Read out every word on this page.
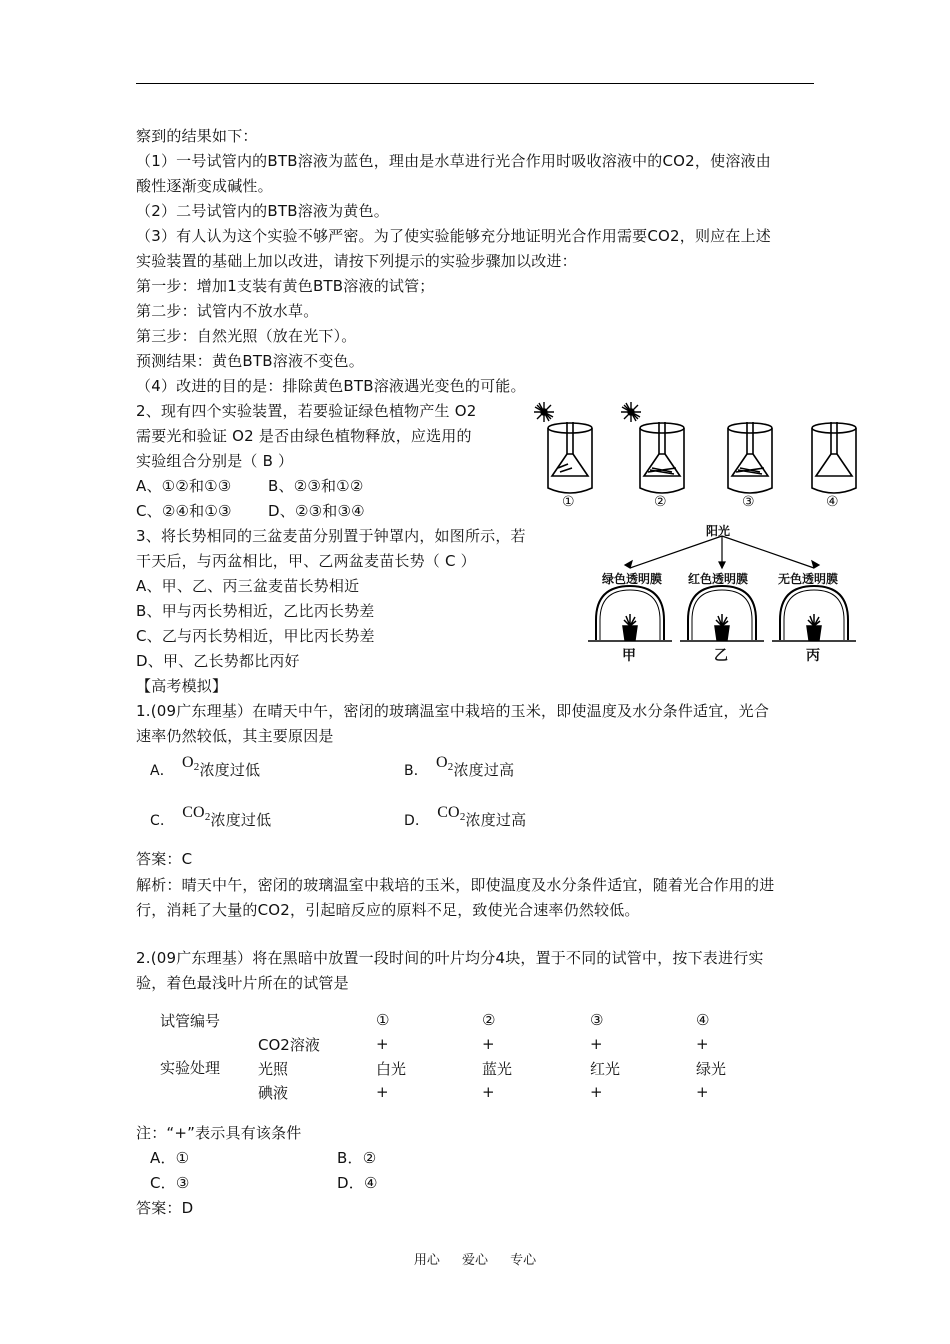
察到的结果如下：
（1）一号试管内的BTB溶液为蓝色，理由是水草进行光合作用时吸收溶液中的CO2，使溶液由
酸性逐渐变成碱性。
（2）二号试管内的BTB溶液为黄色。
（3）有人认为这个实验不够严密。为了使实验能够充分地证明光合作用需要CO2，则应在上述
实验装置的基础上加以改进，请按下列提示的实验步骤加以改进：
第一步：增加1支装有黄色BTB溶液的试管；
第二步：试管内不放水草。
第三步：自然光照（放在光下）。
预测结果：黄色BTB溶液不变色。
（4）改进的目的是：排除黄色BTB溶液遇光变色的可能。
2、现有四个实验装置，若要验证绿色植物产生 O2
需要光和验证 O2 是否由绿色植物释放，应选用的
实验组合分别是（ B ）
A、①②和①③ B、②③和①②
C、②④和①③ D、②③和③④	①	②	③	④
3、将长势相同的三盆麦苗分别置于钟罩内，如图所示，若
干天后，与丙盆相比，甲、乙两盆麦苗长势（ C ）
A、甲、乙、丙三盆麦苗长势相近
B、甲与丙长势相近，乙比丙长势差
C、乙与丙长势相近，甲比丙长势差
D、甲、乙长势都比丙好
阳光
绿色透明膜 红色透明膜 无色透明膜
甲	乙	丙
【高考模拟】
1.(09广东理基）在晴天中午，密闭的玻璃温室中栽培的玉米，即使温度及水分条件适宜，光合
速率仍然较低，其主要原因是
A． $O_2$浓度过低	B． $O_2$浓度过高
C． $CO_2$浓度过低	D． $CO_2$浓度过高
答案：C
解析：晴天中午，密闭的玻璃温室中栽培的玉米，即使温度及水分条件适宜，随着光合作用的进
行，消耗了大量的CO2，引起暗反应的原料不足，致使光合速率仍然较低。
2.(09广东理基）将在黑暗中放置一段时间的叶片均分4块，置于不同的试管中，按下表进行实
验，着色最浅叶片所在的试管是
试管编号		①	②	③	④
实验处理	CO2溶液	+	+	+	+
	光照	白光	蓝光	红光	绿光
	碘液	+	+	+	+
注：“+”表示具有该条件
A．①	B．②
C．③	D．④
答案：D
用心 爱心 专心
